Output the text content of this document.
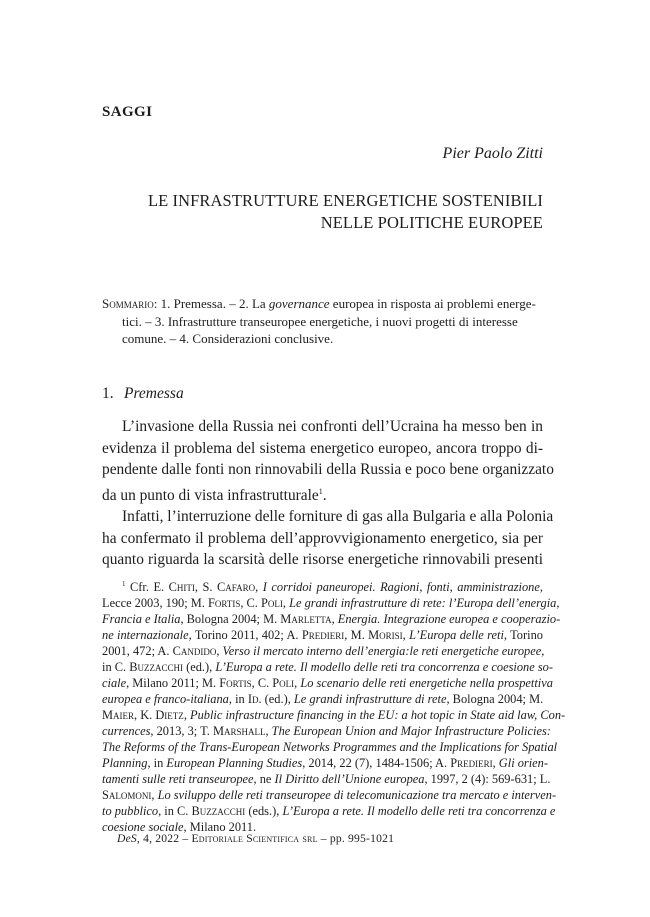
SAGGI
Pier Paolo Zitti
LE INFRASTRUTTURE ENERGETICHE SOSTENIBILI
NELLE POLITICHE EUROPEE
Sommario: 1. Premessa. – 2. La governance europea in risposta ai problemi energe-
tici. – 3. Infrastrutture transeuropee energetiche, i nuovi progetti di interesse
comune. – 4. Considerazioni conclusive.
1. Premessa
L’invasione della Russia nei confronti dell’Ucraina ha messo ben in
evidenza il problema del sistema energetico europeo, ancora troppo di-
pendente dalle fonti non rinnovabili della Russia e poco bene organizzato
da un punto di vista infrastrutturale$^1$.
Infatti, l’interruzione delle forniture di gas alla Bulgaria e alla Polonia
ha confermato il problema dell’approvvigionamento energetico, sia per
quanto riguarda la scarsità delle risorse energetiche rinnovabili presenti
$^1$ Cfr. E. Chiti, S. Cafaro, I corridoi paneuropei. Ragioni, fonti, amministrazione,
Lecce 2003, 190; M. Fortis, C. Poli, Le grandi infrastrutture di rete: l’Europa dell’energia,
Francia e Italia, Bologna 2004; M. Marletta, Energia. Integrazione europea e cooperazio-
ne internazionale, Torino 2011, 402; A. Predieri, M. Morisi, L’Europa delle reti, Torino
2001, 472; A. Candido, Verso il mercato interno dell’energia:le reti energetiche europee,
in C. Buzzacchi (ed.), L’Europa a rete. Il modello delle reti tra concorrenza e coesione so-
ciale, Milano 2011; M. Fortis, C. Poli, Lo scenario delle reti energetiche nella prospettiva
europea e franco-italiana, in Id. (ed.), Le grandi infrastrutture di rete, Bologna 2004; M.
Maier, K. Dietz, Public infrastructure financing in the EU: a hot topic in State aid law, Con-
currences, 2013, 3; T. Marshall, The European Union and Major Infrastructure Policies:
The Reforms of the Trans-European Networks Programmes and the Implications for Spatial
Planning, in European Planning Studies, 2014, 22 (7), 1484-1506; A. Predieri, Gli orien-
tamenti sulle reti transeuropee, ne Il Diritto dell’Unione europea, 1997, 2 (4): 569-631; L.
Salomoni, Lo sviluppo delle reti transeuropee di telecomunicazione tra mercato e interven-
to pubblico, in C. Buzzacchi (eds.), L’Europa a rete. Il modello delle reti tra concorrenza e
coesione sociale, Milano 2011.
DeS, 4, 2022 – Editoriale Scientifica srl – pp. 995-1021
